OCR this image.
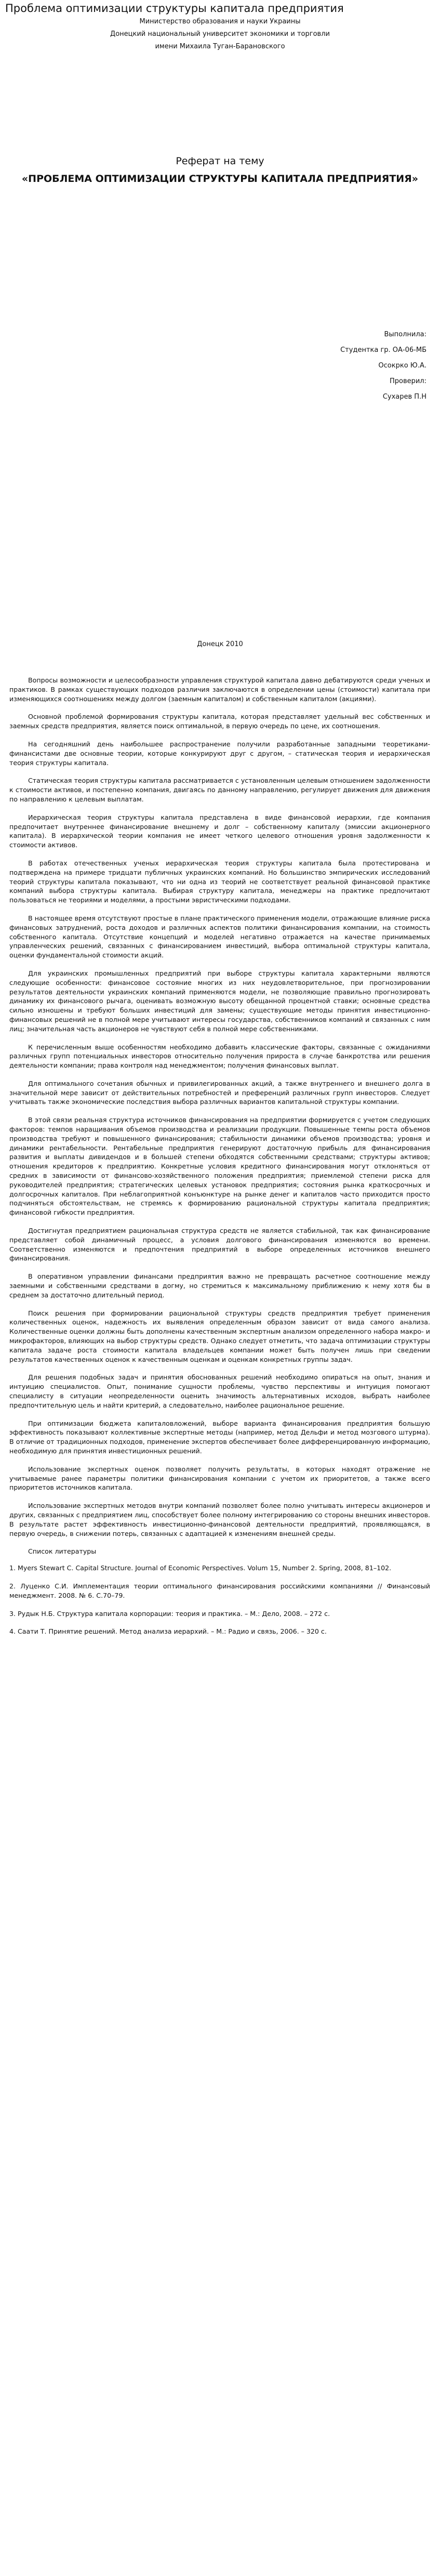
Проблема оптимизации структуры капитала предприятия
Министерство образования и науки Украины
Донецкий национальный университет экономики и торговли
имени Михаила Туган-Барановского
Реферат на тему
«ПРОБЛЕМА ОПТИМИЗАЦИИ СТРУКТУРЫ КАПИТАЛА ПРЕДПРИЯТИЯ»
Выполнила:
Студентка гр. ОА-06-МБ
Осокрко Ю.А.
Проверил:
Сухарев П.Н
Донецк 2010

Вопросы возможности и целесообразности управления структурой капитала давно дебатируются среди ученых и практиков. В рамках существующих подходов различия заключаются в определении цены (стоимости) капитала при изменяющихся соотношениях между долгом (заемным капиталом) и собственным капиталом (акциями).

Основной проблемой формирования структуры капитала, которая представляет удельный вес собственных и заемных средств предприятия, является поиск оптимальной, в первую очередь по цене, их соотношения.

На сегодняшний день наибольшее распространение получили разработанные западными теоретиками-финансистами две основные теории, которые конкурируют друг с другом, – статическая теория и иерархическая теория структуры капитала.

Статическая теория структуры капитала рассматривается с установленным целевым отношением задолженности к стоимости активов, и постепенно компания, двигаясь по данному направлению, регулирует движения для движения по направлению к целевым выплатам.

Иерархическая теория структуры капитала представлена в виде финансовой иерархии, где компания предпочитает внутреннее финансирование внешнему и долг – собственному капиталу (эмиссии акционерного капитала). В иерархической теории компания не имеет четкого целевого отношения уровня задолженности к стоимости активов.

В работах отечественных ученых иерархическая теория структуры капитала была протестирована и подтверждена на примере тридцати публичных украинских компаний. Но большинство эмпирических исследований теорий структуры капитала показывают, что ни одна из теорий не соответствует реальной финансовой практике компаний выбора структуры капитала. Выбирая структуру капитала, менеджеры на практике предпочитают пользоваться не теориями и моделями, а простыми эвристическими подходами.

В настоящее время отсутствуют простые в плане практического применения модели, отражающие влияние риска финансовых затруднений, роста доходов и различных аспектов политики финансирования компании, на стоимость собственного капитала. Отсутствие концепций и моделей негативно отражается на качестве принимаемых управленческих решений, связанных с финансированием инвестиций, выбора оптимальной структуры капитала, оценки фундаментальной стоимости акций.

Для украинских промышленных предприятий при выборе структуры капитала характерными являются следующие особенности: финансовое состояние многих из них неудовлетворительное, при прогнозировании результатов деятельности украинских компаний применяются модели, не позволяющие правильно прогнозировать динамику их финансового рычага, оценивать возможную высоту обещанной процентной ставки; основные средства сильно изношены и требуют больших инвестиций для замены; существующие методы принятия инвестиционно-финансовых решений не в полной мере учитывают интересы государства, собственников компаний и связанных с ним лиц; значительная часть акционеров не чувствуют себя в полной мере собственниками.

К перечисленным выше особенностям необходимо добавить классические факторы, связанные с ожиданиями различных групп потенциальных инвесторов относительно получения прироста в случае банкротства или решения деятельности компании; права контроля над менеджментом; получения финансовых выплат.

Для оптимального сочетания обычных и привилегированных акций, а также внутреннего и внешнего долга в значительной мере зависит от действительных потребностей и преференций различных групп инвесторов. Следует учитывать также экономические последствия выбора различных вариантов капитальной структуры компании.

В этой связи реальная структура источников финансирования на предприятии формируется с учетом следующих факторов: темпов наращивания объемов производства и реализации продукции. Повышенные темпы роста объемов производства требуют и повышенного финансирования; стабильности динамики объемов производства; уровня и динамики рентабельности. Рентабельные предприятия генерируют достаточную прибыль для финансирования развития и выплаты дивидендов и в большей степени обходятся собственными средствами; структуры активов; отношения кредиторов к предприятию. Конкретные условия кредитного финансирования могут отклоняться от средних в зависимости от финансово-хозяйственного положения предприятия; приемлемой степени риска для руководителей предприятия; стратегических целевых установок предприятия; состояния рынка краткосрочных и долгосрочных капиталов. При неблагоприятной конъюнктуре на рынке денег и капиталов часто приходится просто подчиняться обстоятельствам, не стремясь к формированию рациональной структуры капитала предприятия; финансовой гибкости предприятия.

Достигнутая предприятием рациональная структура средств не является стабильной, так как финансирование представляет собой динамичный процесс, а условия долгового финансирования изменяются во времени. Соответственно изменяются и предпочтения предприятий в выборе определенных источников внешнего финансирования.

В оперативном управлении финансами предприятия важно не превращать расчетное соотношение между заемными и собственными средствами в догму, но стремиться к максимальному приближению к нему хотя бы в среднем за достаточно длительный период.

Поиск решения при формировании рациональной структуры средств предприятия требует применения количественных оценок, надежность их выявления определенным образом зависит от вида самого анализа. Количественные оценки должны быть дополнены качественным экспертным анализом определенного набора макро- и микрофакторов, влияющих на выбор структуры средств. Однако следует отметить, что задача оптимизации структуры капитала задаче роста стоимости капитала владельцев компании может быть получен лишь при сведении результатов качественных оценок к качественным оценкам и оценкам конкретных группы задач.

Для решения подобных задач и принятия обоснованных решений необходимо опираться на опыт, знания и интуицию специалистов. Опыт, понимание сущности проблемы, чувство перспективы и интуиция помогают специалисту в ситуации неопределенности оценить значимость альтернативных исходов, выбрать наиболее предпочтительную цель и найти критерий, а следовательно, наиболее рациональное решение.

При оптимизации бюджета капиталовложений, выборе варианта финансирования предприятия большую эффективность показывают коллективные экспертные методы (например, метод Дельфи и метод мозгового штурма). В отличие от традиционных подходов, применение экспертов обеспечивает более дифференцированную информацию, необходимую для принятия инвестиционных решений.

Использование экспертных оценок позволяет получить результаты, в которых находят отражение не учитываемые ранее параметры политики финансирования компании с учетом их приоритетов, а также всего приоритетов источников капитала.

Использование экспертных методов внутри компаний позволяет более полно учитывать интересы акционеров и других, связанных с предприятием лиц, способствует более полному интегрированию со стороны внешних инвесторов. В результате растет эффективность инвестиционно-финансовой деятельности предприятий, проявляющаяся, в первую очередь, в снижении потерь, связанных с адаптацией к изменениям внешней среды.

Список литературы

1. Myers Stewart C. Capital Structure. Journal of Economic Perspectives. Volum 15, Number 2. Spring, 2008, 81–102.

2. Луценко С.И. Имплементация теории оптимального финансирования российскими компаниями // Финансовый менеджмент. 2008. № 6. С.70–79.

3. Рудык Н.Б. Структура капитала корпорации: теория и практика. – М.: Дело, 2008. – 272 с.

4. Саати Т. Принятие решений. Метод анализа иерархий. – М.: Радио и связь, 2006. – 320 с.
